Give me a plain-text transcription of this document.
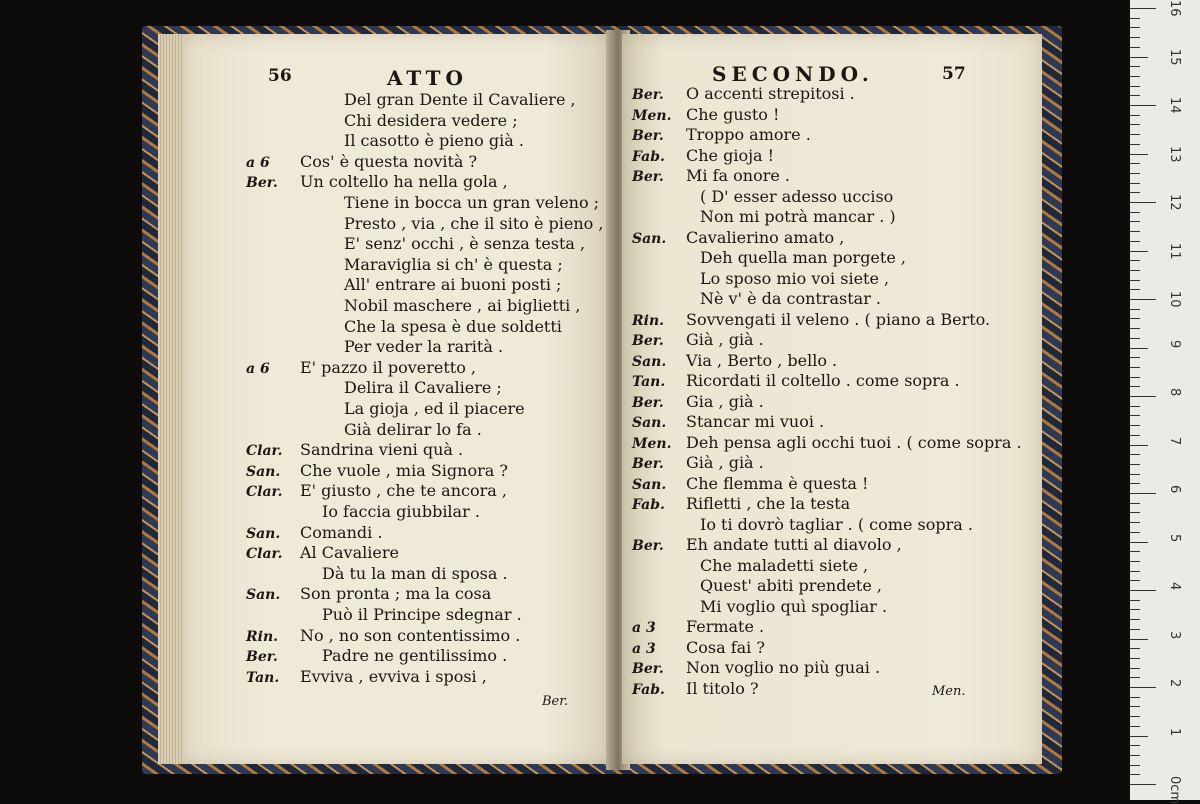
56	ATTO
Del gran Dente il Cavaliere ,
Chi desidera vedere ;
Il casotto è pieno già .
a 6 Cos' è questa novità ?
Ber. Un coltello ha nella gola ,
Tiene in bocca un gran veleno ;
Presto , via , che il sito è pieno ,
E' senz' occhi , è senza testa ,
Maraviglia si ch' è questa ;
All' entrare ai buoni posti ;
Nobil maschere , ai biglietti ,
Che la spesa è due soldetti
Per veder la rarità .
a 6 E' pazzo il poveretto ,
Delira il Cavaliere ;
La gioja , ed il piacere
Già delirar lo fa .
Clar. Sandrina vieni quà .
San. Che vuole , mia Signora ?
Clar. E' giusto , che te ancora ,
Io faccia giubbilar .
San. Comandi .
Clar. Al Cavaliere
Dà tu la man di sposa .
San. Son pronta ; ma la cosa
Può il Principe sdegnar .
Rin. No , no son contentissimo .
Ber.	Padre ne gentilissimo .
Tan. Evviva , evviva i sposi ,
Ber.
SECONDO.	57
Ber. O accenti strepitosi .
Men. Che gusto !
Ber. Troppo amore .
Fab. Che gioja !
Ber. Mi fa onore .
( D' esser adesso ucciso
Non mi potrà mancar . )
San. Cavalierino amato ,
Deh quella man porgete ,
Lo sposo mio voi siete ,
Nè v' è da contrastar .
Rin. Sovvengati il veleno . ( piano a Berto.
Ber. Già , già .
San. Via , Berto , bello .
Tan. Ricordati il coltello . come sopra .
Ber. Gia , già .
San. Stancar mi vuoi .
Men. Deh pensa agli occhi tuoi . ( come sopra .
Ber. Già , già .
San. Che flemma è questa !
Fab. Rifletti , che la testa
Io ti dovrò tagliar . ( come sopra .
Ber. Eh andate tutti al diavolo ,
Che maladetti siete ,
Quest' abiti prendete ,
Mi voglio quì spogliar .
a 3 Fermate .
a 3 Cosa fai ?
Ber. Non voglio no più guai .
Fab. Il titolo ?	Men.
16
15
14
13
12
11
10
9
8
7
6
5
4
3
2
1
0cm
